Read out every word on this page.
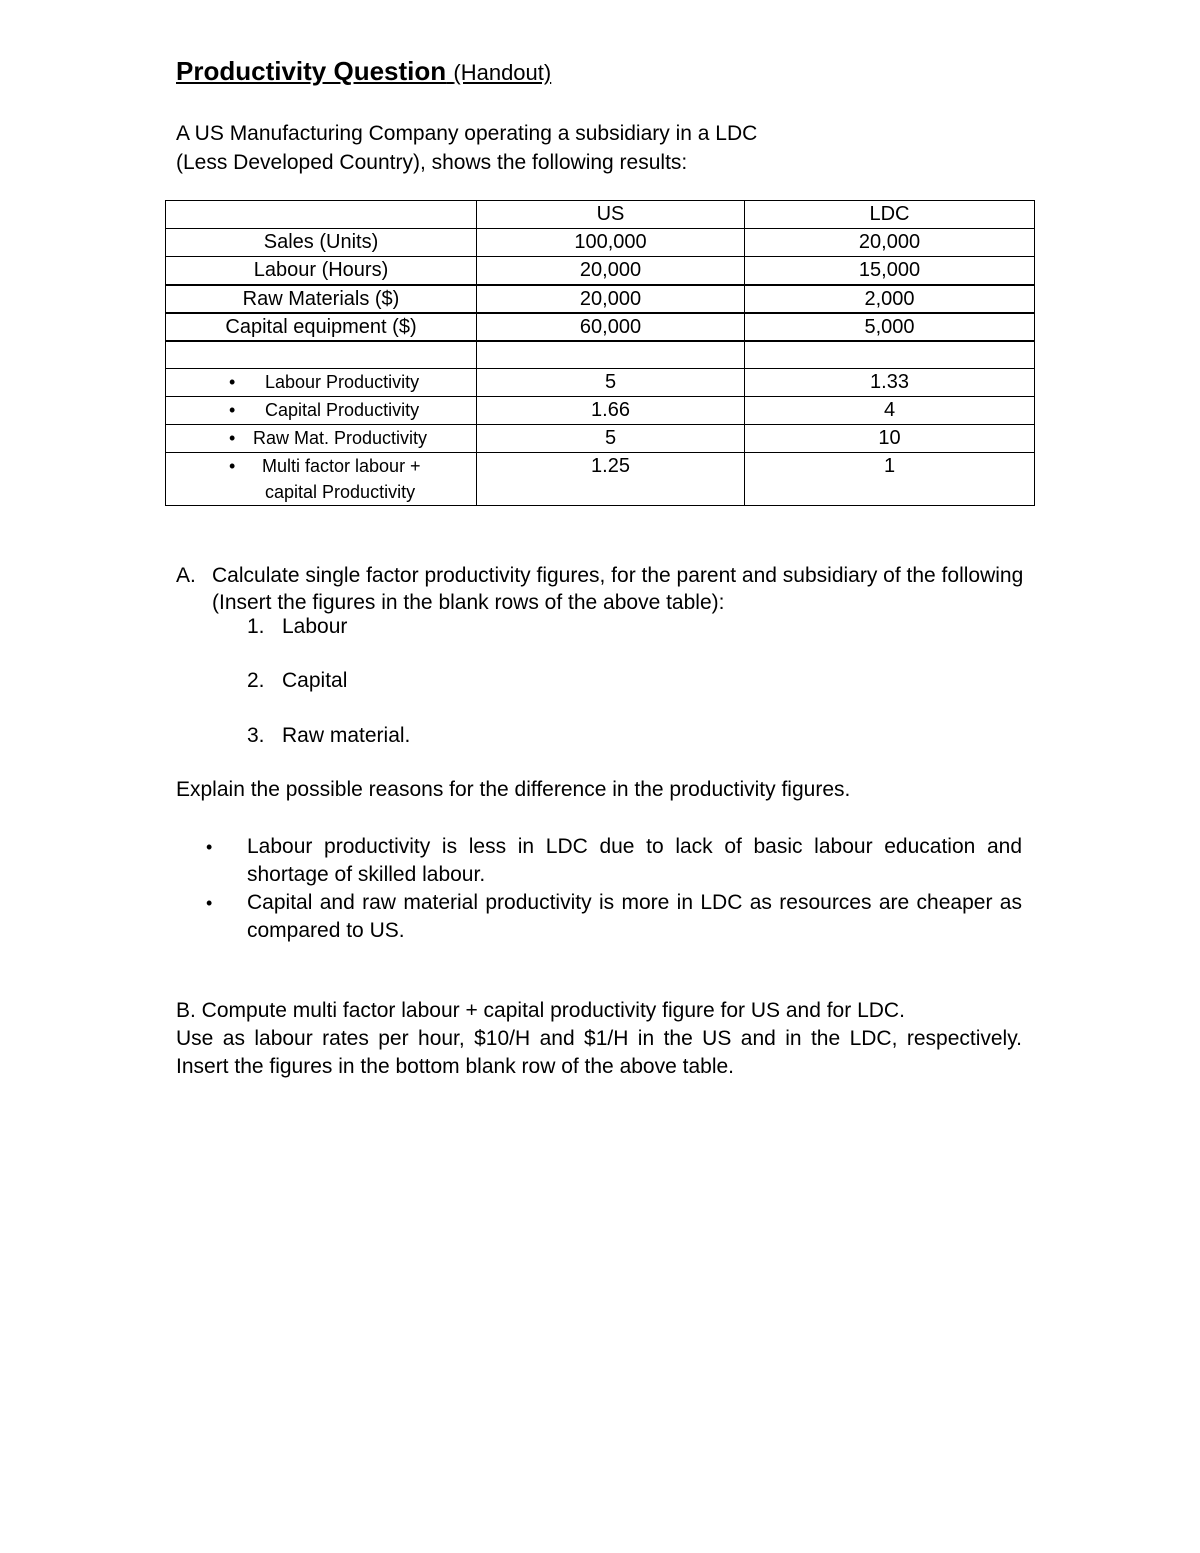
Productivity Question (Handout)
A US Manufacturing Company operating a subsidiary in a LDC
(Less Developed Country), shows the following results:
	US	LDC
Sales (Units)	100,000	20,000
Labour (Hours)	20,000	15,000
Raw Materials ($)	20,000	2,000
Capital equipment ($)	60,000	5,000

• Labour Productivity	5	1.33

• Capital Productivity	1.66	4

• Raw Mat. Productivity	5	10

• Multi factor labour +
capital Productivity	1.25	1
A. Calculate single factor productivity figures, for the parent and subsidiary of the following (Insert the figures in the blank rows of the above table):
1. Labour
2. Capital
3. Raw material.
Explain the possible reasons for the difference in the productivity figures.
•	Labour productivity is less in LDC due to lack of basic labour education and shortage of skilled labour.
•	Capital and raw material productivity is more in LDC as resources are cheaper as compared to US.
B. Compute multi factor labour + capital productivity figure for US and for LDC.
Use as labour rates per hour, $10/H and $1/H in the US and in the LDC, respectively. Insert the figures in the bottom blank row of the above table.
